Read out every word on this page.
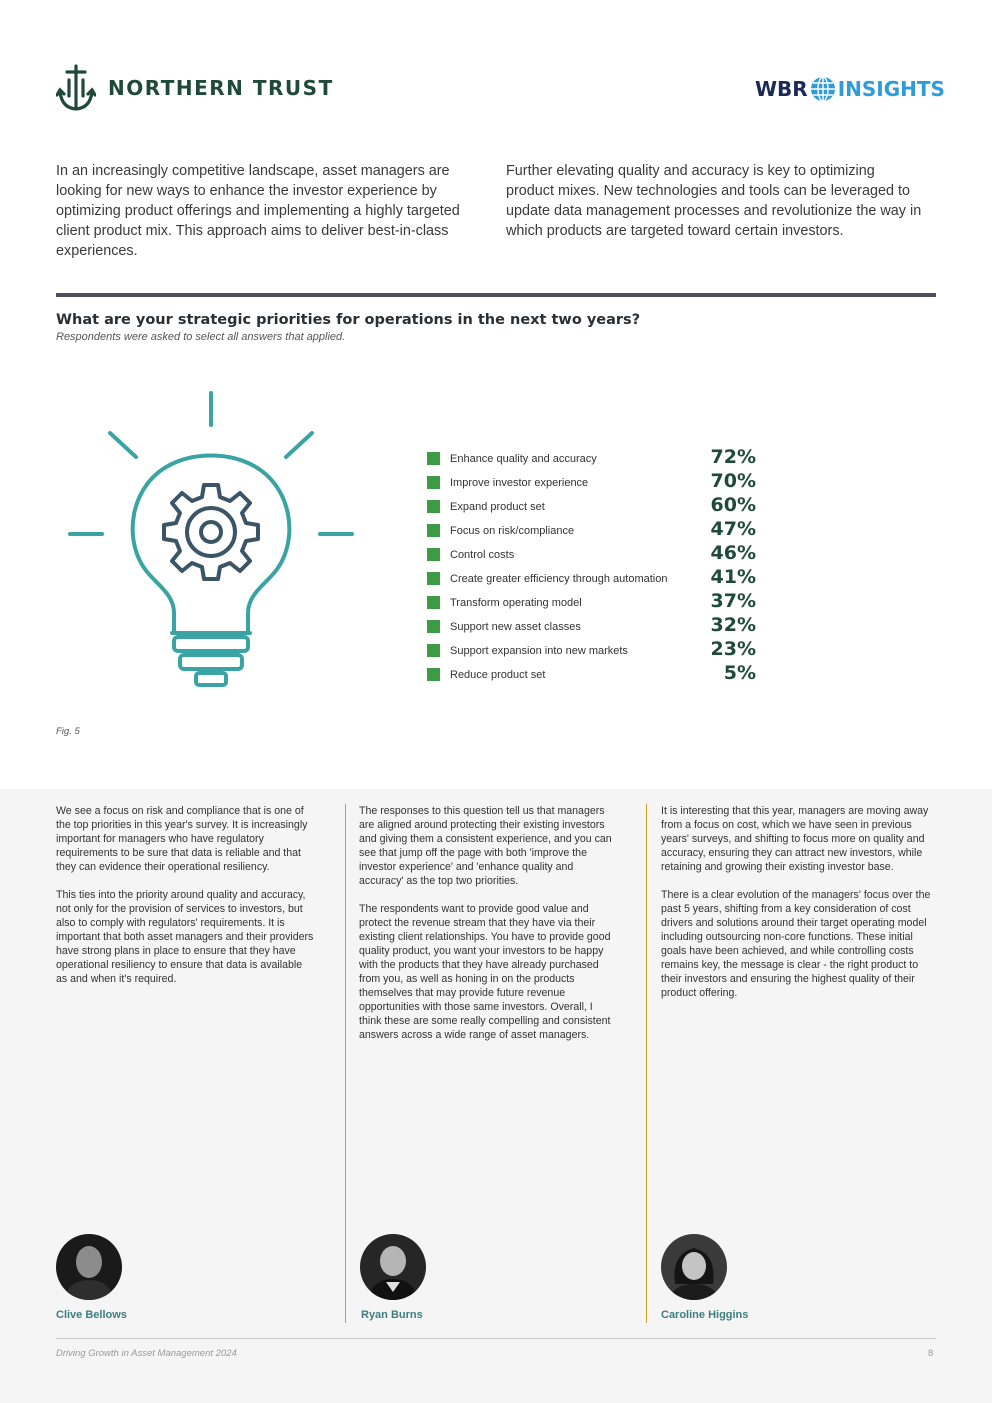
NORTHERN TRUST	WBR INSIGHTS
In an increasingly competitive landscape, asset managers are looking for new ways to enhance the investor experience by optimizing product offerings and implementing a highly targeted client product mix. This approach aims to deliver best-in-class experiences.
Further elevating quality and accuracy is key to optimizing product mixes. New technologies and tools can be leveraged to update data management processes and revolutionize the way in which products are targeted toward certain investors.
What are your strategic priorities for operations in the next two years?
Respondents were asked to select all answers that applied.
Enhance quality and accuracy	72%
Improve investor experience	70%
Expand product set	60%
Focus on risk/compliance	47%
Control costs	46%
Create greater efficiency through automation 41%
Transform operating model	37%
Support new asset classes	32%
Support expansion into new markets	23%
Reduce product set	5%
Fig. 5

We see a focus on risk and compliance that is one of the top priorities in this year's survey. It is increasingly important for managers who have regulatory requirements to be sure that data is reliable and that they can evidence their operational resiliency.

This ties into the priority around quality and accuracy, not only for the provision of services to investors, but also to comply with regulators' requirements. It is important that both asset managers and their providers have strong plans in place to ensure that they have operational resiliency to ensure that data is available as and when it's required.

The responses to this question tell us that managers are aligned around protecting their existing investors and giving them a consistent experience, and you can see that jump off the page with both 'improve the investor experience' and 'enhance quality and accuracy' as the top two priorities.

The respondents want to provide good value and protect the revenue stream that they have via their existing client relationships. You have to provide good quality product, you want your investors to be happy with the products that they have already purchased from you, as well as honing in on the products themselves that may provide future revenue opportunities with those same investors. Overall, I think these are some really compelling and consistent answers across a wide range of asset managers.

It is interesting that this year, managers are moving away from a focus on cost, which we have seen in previous years' surveys, and shifting to focus more on quality and accuracy, ensuring they can attract new investors, while retaining and growing their existing investor base.

There is a clear evolution of the managers' focus over the past 5 years, shifting from a key consideration of cost drivers and solutions around their target operating model including outsourcing non-core functions. These initial goals have been achieved, and while controlling costs remains key, the message is clear - the right product to their investors and ensuring the highest quality of their product offering.

Clive Bellows	Ryan Burns	Caroline Higgins
Driving Growth in Asset Management 2024	8
